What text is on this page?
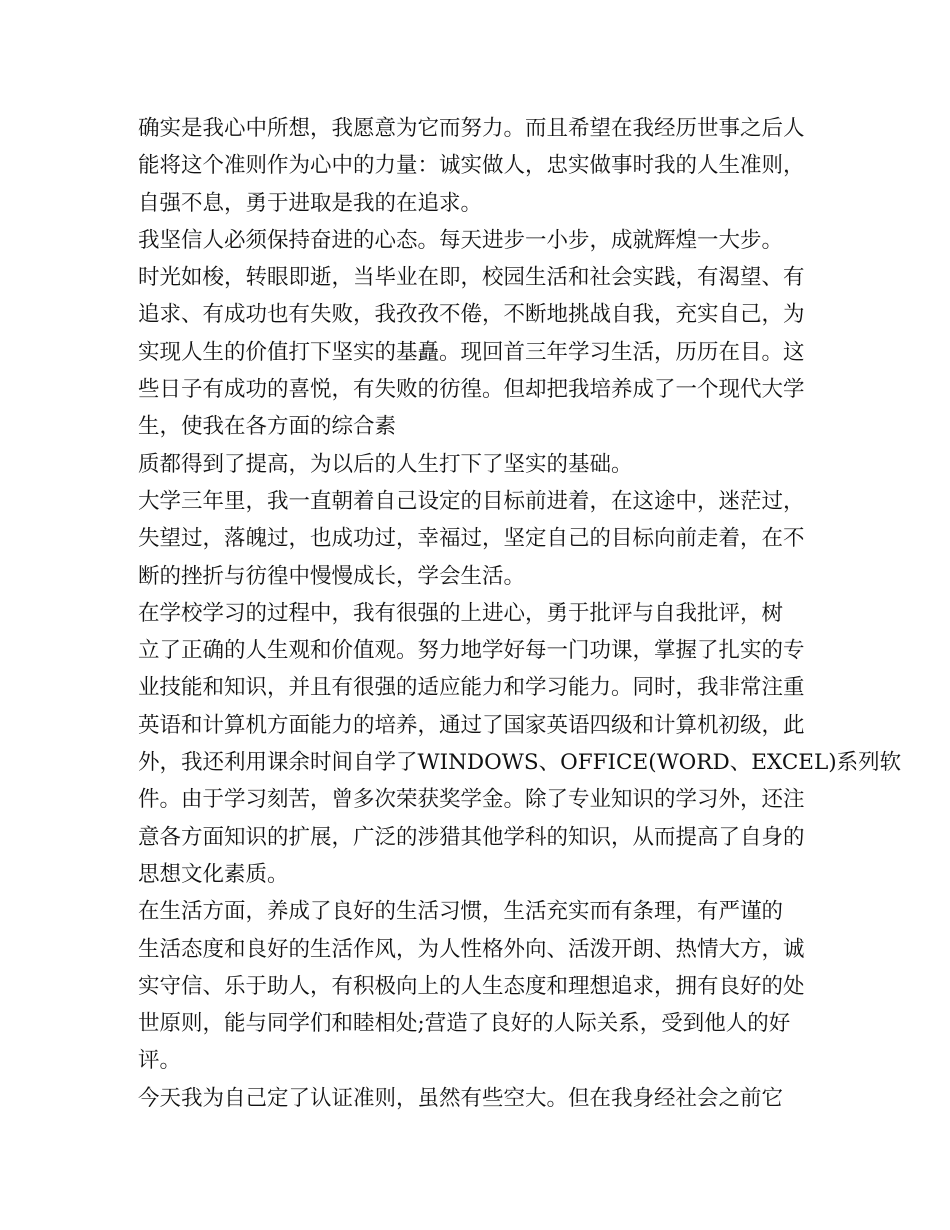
确实是我心中所想，我愿意为它而努力。而且希望在我经历世事之后人
能将这个准则作为心中的力量：诚实做人，忠实做事时我的人生准则，
自强不息，勇于进取是我的在追求。
我坚信人必须保持奋进的心态。每天进步一小步，成就辉煌一大步。
时光如梭，转眼即逝，当毕业在即，校园生活和社会实践，有渴望、有
追求、有成功也有失败，我孜孜不倦，不断地挑战自我，充实自己，为
实现人生的价值打下坚实的基矗。现回首三年学习生活，历历在目。这
些日子有成功的喜悦，有失败的彷徨。但却把我培养成了一个现代大学
生，使我在各方面的综合素
质都得到了提高，为以后的人生打下了坚实的基础。
大学三年里，我一直朝着自己设定的目标前进着，在这途中，迷茫过，
失望过，落魄过，也成功过，幸福过，坚定自己的目标向前走着，在不
断的挫折与彷徨中慢慢成长，学会生活。
在学校学习的过程中，我有很强的上进心，勇于批评与自我批评，树
立了正确的人生观和价值观。努力地学好每一门功课，掌握了扎实的专
业技能和知识，并且有很强的适应能力和学习能力。同时，我非常注重
英语和计算机方面能力的培养，通过了国家英语四级和计算机初级，此
外，我还利用课余时间自学了WINDOWS、OFFICE(WORD、EXCEL)系列软
件。由于学习刻苦，曾多次荣获奖学金。除了专业知识的学习外，还注
意各方面知识的扩展，广泛的涉猎其他学科的知识，从而提高了自身的
思想文化素质。
在生活方面，养成了良好的生活习惯，生活充实而有条理，有严谨的
生活态度和良好的生活作风，为人性格外向、活泼开朗、热情大方，诚
实守信、乐于助人，有积极向上的人生态度和理想追求，拥有良好的处
世原则，能与同学们和睦相处;营造了良好的人际关系，受到他人的好
评。
今天我为自己定了认证准则，虽然有些空大。但在我身经社会之前它
